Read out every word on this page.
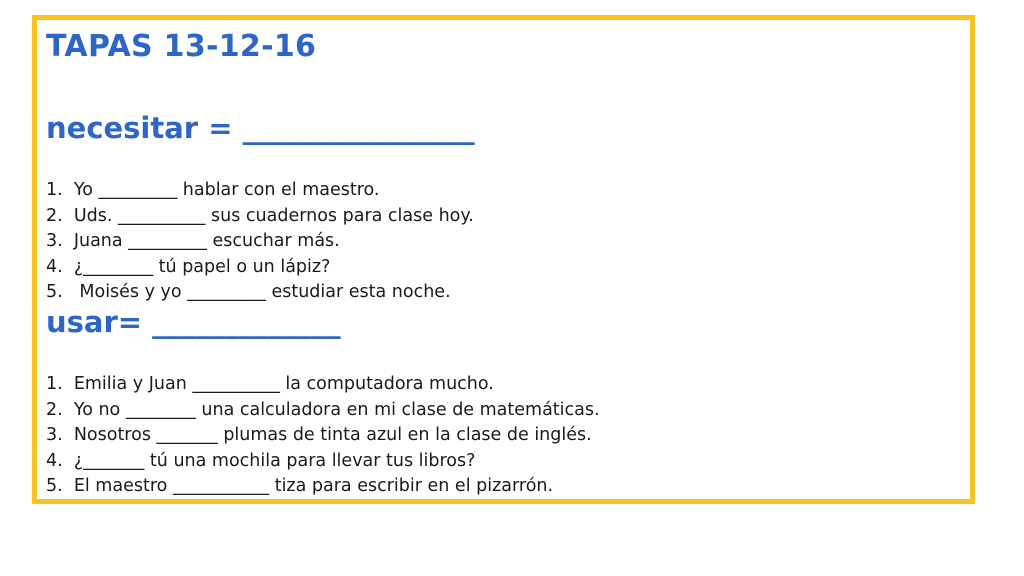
TAPAS 13-12-16
necesitar = ________________
1.  Yo _________ hablar con el maestro.
2.  Uds. __________ sus cuadernos para clase hoy.
3.  Juana _________ escuchar más.
4.  ¿________ tú papel o un lápiz?
5.   Moisés y yo _________ estudiar esta noche.
usar= _____________
1.  Emilia y Juan __________ la computadora mucho.
2.  Yo no ________ una calculadora en mi clase de matemáticas.
3.  Nosotros _______ plumas de tinta azul en la clase de inglés.
4.  ¿_______ tú una mochila para llevar tus libros?
5.  El maestro ___________ tiza para escribir en el pizarrón.
